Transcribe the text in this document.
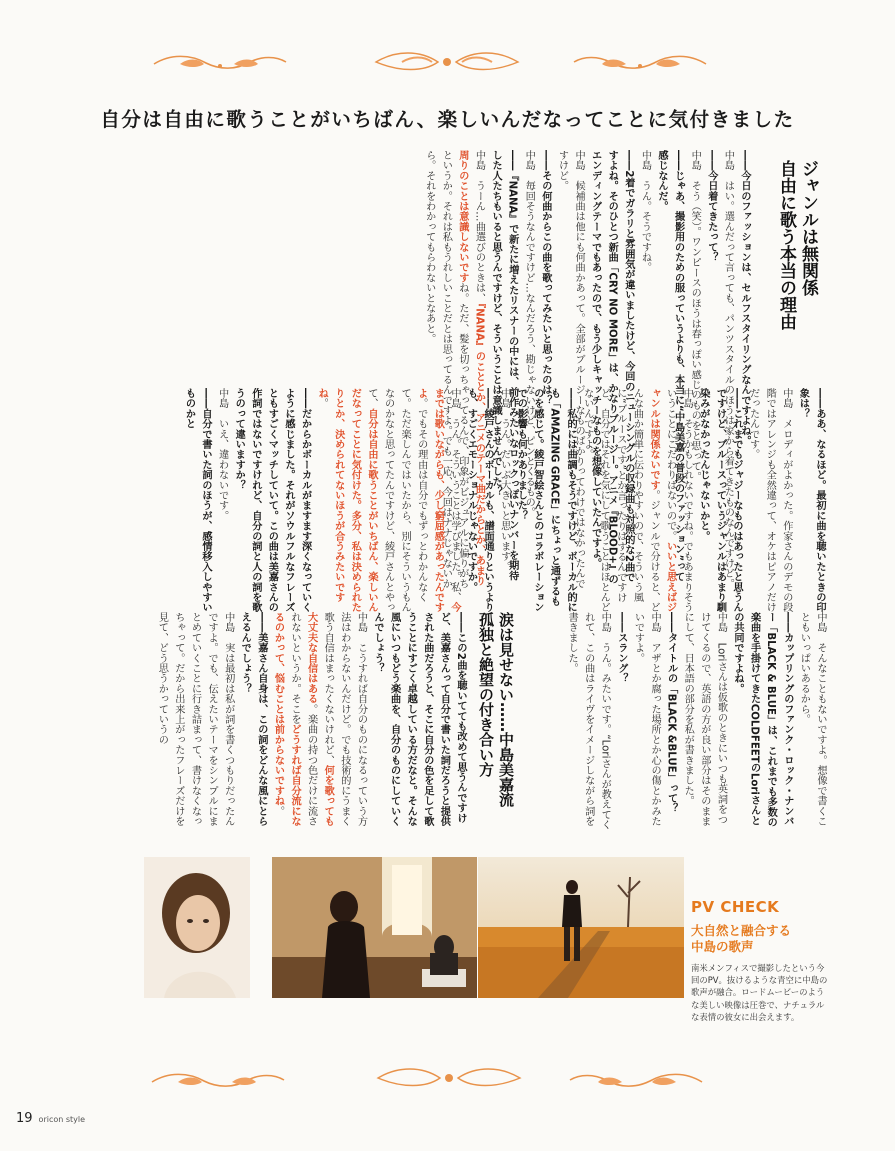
自分は自由に歌うことがいちばん、楽しいんだなってことに気付きました
ジャンルは無関係
自由に歌う本当の理由

――今日のファッションは、セルフスタイリングなんですよね。

中島　はい。選んだって言っても、パンツスタイルのほうは家から着てきたものなんですけど。

――今日着てきたって？

中島　そう（笑）。ワンピースのほうは春っぽい感じのものをと思って。

――じゃあ、撮影用のための服っていうよりも、本当に“中島美嘉の普段のファッション”って感じなんだ。

中島　うん。そうですね。

――2着でガラリと雰囲気が違いましたけど、今回のニューシングルの収録曲も対照的な2曲ですよね。そのひとつ新曲「CRY NO MORE」は、かなりブルージー。アニメ『BLOOD+』のエンディングテーマでもあったので、もう少しキャッチーなものを想像していたんですよ。

中島　候補曲は他にも何曲かあって。全部がブルージーなものばかりってわけではなかったんですけど。

――その何曲からこの曲を歌ってみたいと思ったのは？

中島　毎回そうなんですけど…なんだろう、勘じゃないけど、ピンとくるもの。

――『NANA』で新たに増えたリスナーの中には、前作みたいなロックっぽいナンバーを期待した人たちもいると思うんですけど、そういうことは意識しませんでした？

中島　うーん…曲選びのときは、『NANA』のこととか、アニメのテーマ曲だからとか、あまり周りのことは意識しないですね。ただ、髪を切っちゃってるんで、印象がビジュアルに偏りがちというか。それは私もうれしいことだとは思ってるんですよ。でも一応、今回はナナじゃないから。それをわかってもらわないとなあと。

――ああ、なるほど。最初に曲を聴いたときの印象は？

中島　メロディがよかった。作家さんのデモの段階ではアレンジも全然違って、オケはピアノだけだったんです。

――これまでもジャジーなものはあったと思うんですけど、ブルースっていうジャンルはあまり馴染みがなかったんじゃないかと。

中島　そうかもしれないですね。でもあまりそういうことにこだわりはないので。いいと思えばジャンルは関係ないです。ジャンルで分けると、どんな曲か簡単に伝わりやすいので、そういう風に“ブルースです”とか言ったりはするんですけど、自分ではそれを気にして歌うことはほとんどないんですよ。

――私的には曲調もそうですけど、ボーカル的にも「AMAZING GRACE」にちょっと通ずるものを感じて。綾戸智絵さんとのコラボレーションでの影響も何かありました？

中島　うん。だいぶ大きいと思います。

――綾戸さんのボーカルも、譜面通りというよりも、すごくエモーショナルじゃないですか。

中島　うん。そういうことは学びました。私、今までは歌いながらも、少し窮屈感があったんですよ。でもその理由は自分でもずっとわかんなくて。ただ楽しんではいたから、別にそういうもんなのかなと思ってたんですけど、綾戸さんとやって、自分は自由に歌うことがいちばん、楽しいんだなってことに気付けた。多分、私は決められたりとか、決められてないほうが合うみたいですね。

――だからかボーカルがますます深くなっていくように感じました。それがソウルフルなフレーズともすごくマッチしていて。この曲は美嘉さんの作詞ではないですけれど、自分の詞と人の詞を歌うのって違いますか？

中島　いえ、違わないです。

――自分で書いた詞のほうが、感情移入しやすいものかと

中島　そんなこともないですよ。想像で書くこともいっぱいあるから。

――カップリングのファンク・ロック・ナンバー「BLACK & BLUE」は、これまでも多数の楽曲を手掛けてきたCOLDFEETのLoriさんとの共同ですよね。

中島　Loriさんは仮歌のときにいつも英詞をつけてくるので、英語の方が良い部分はそのままにして、日本語の部分を私が書きました。

――タイトルの「BLACK &BLUE」って？

中島　アザとか腐った場所とか心の傷とかみたいですよ。

――スラング？

中島　うん。みたいです。“Loriさんが教えてくれて、この曲はライヴをイメージしながら詞を書きました。

涙は見せない……中島美嘉流
孤独と絶望の付き合い方

――この2曲を聴いてても改めて思うんですけど、美嘉さんって自分で書いた詞だろうと提供された曲だろうと、そこに自分の色を足して歌うことにすごく卓越している方だなと。そんな風にいつもどう楽曲を、自分のものにしていくんでしょう？

中島　こうすれば自分のものになるっていう方法はわからないんだけど。でも技術的にうまく歌う自信はまったくないけれど、何を歌っても大丈夫な自信はある。楽曲の持つ色だけに流されないというか。そこをどうすれば自分流になるのかって、悩むことは前からないですね。

――美嘉さん自身は、この詞をどんな風にとらえるんでしょう？

中島　実は最初は私が詞を書くつもりだったんですよ。でも、伝えたいテーマをシンプルにまとめていくことに行き詰まって、書けなくなっちゃって。だから出来上がったフレーズだけを見て、どう思うかっていうの

PV CHECK
大自然と融合する中島の歌声
南米メンフィスで撮影したという今回のPV。抜けるような青空に中島の歌声が融合。ロードムービーのような美しい映像は圧巻で、ナチュラルな表情の彼女に出会えます。
19 oricon style
